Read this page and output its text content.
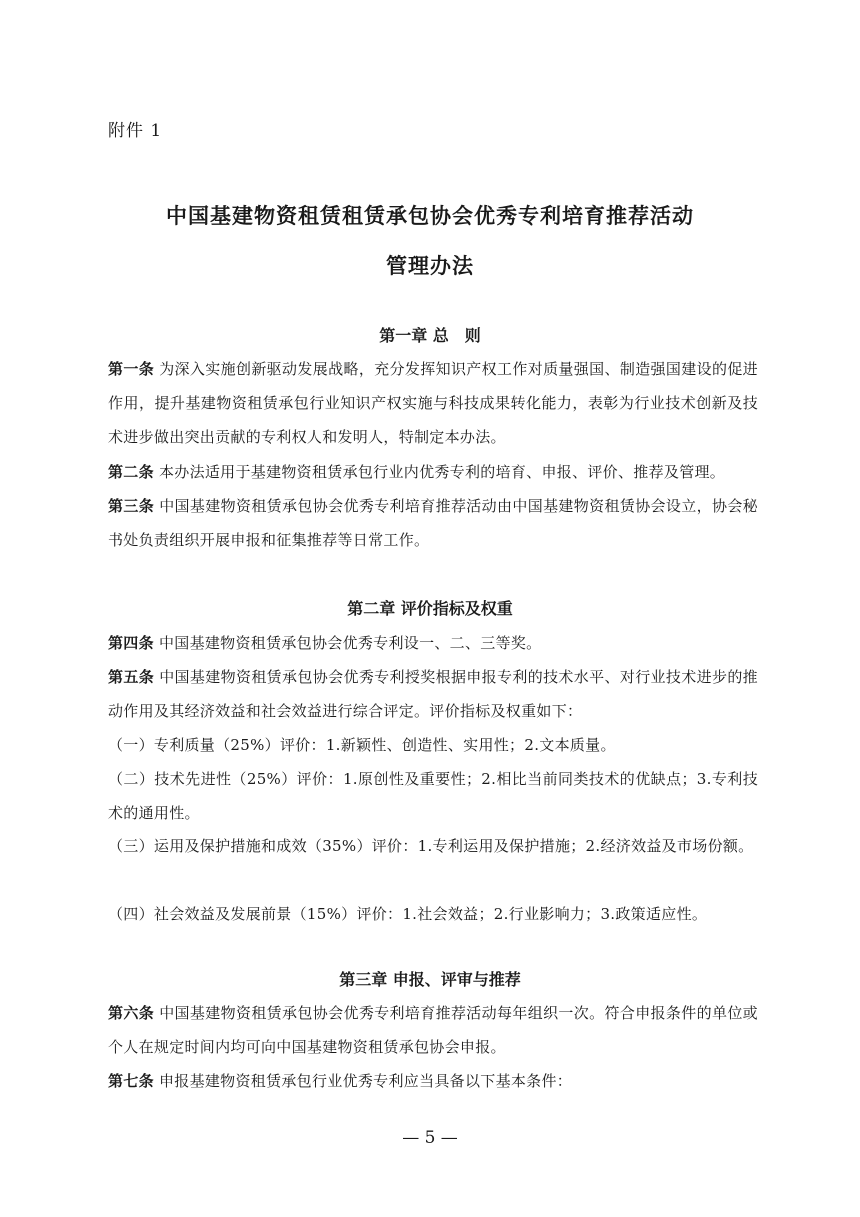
附件 1
中国基建物资租赁租赁承包协会优秀专利培育推荐活动
管理办法
第一章 总　则
第一条 为深入实施创新驱动发展战略，充分发挥知识产权工作对质量强国、制造强国建设的促进作用，提升基建物资租赁承包行业知识产权实施与科技成果转化能力，表彰为行业技术创新及技术进步做出突出贡献的专利权人和发明人，特制定本办法。
第二条 本办法适用于基建物资租赁承包行业内优秀专利的培育、申报、评价、推荐及管理。
第三条 中国基建物资租赁承包协会优秀专利培育推荐活动由中国基建物资租赁协会设立，协会秘书处负责组织开展申报和征集推荐等日常工作。
第二章 评价指标及权重
第四条 中国基建物资租赁承包协会优秀专利设一、二、三等奖。
第五条 中国基建物资租赁承包协会优秀专利授奖根据申报专利的技术水平、对行业技术进步的推动作用及其经济效益和社会效益进行综合评定。评价指标及权重如下：
（一）专利质量（25%）评价：1.新颖性、创造性、实用性；2.文本质量。
（二）技术先进性（25%）评价：1.原创性及重要性；2.相比当前同类技术的优缺点；3.专利技术的通用性。
（三）运用及保护措施和成效（35%）评价：1.专利运用及保护措施；2.经济效益及市场份额。
（四）社会效益及发展前景（15%）评价：1.社会效益；2.行业影响力；3.政策适应性。
第三章 申报、评审与推荐
第六条 中国基建物资租赁承包协会优秀专利培育推荐活动每年组织一次。符合申报条件的单位或个人在规定时间内均可向中国基建物资租赁承包协会申报。
第七条 申报基建物资租赁承包行业优秀专利应当具备以下基本条件：
— 5 —
